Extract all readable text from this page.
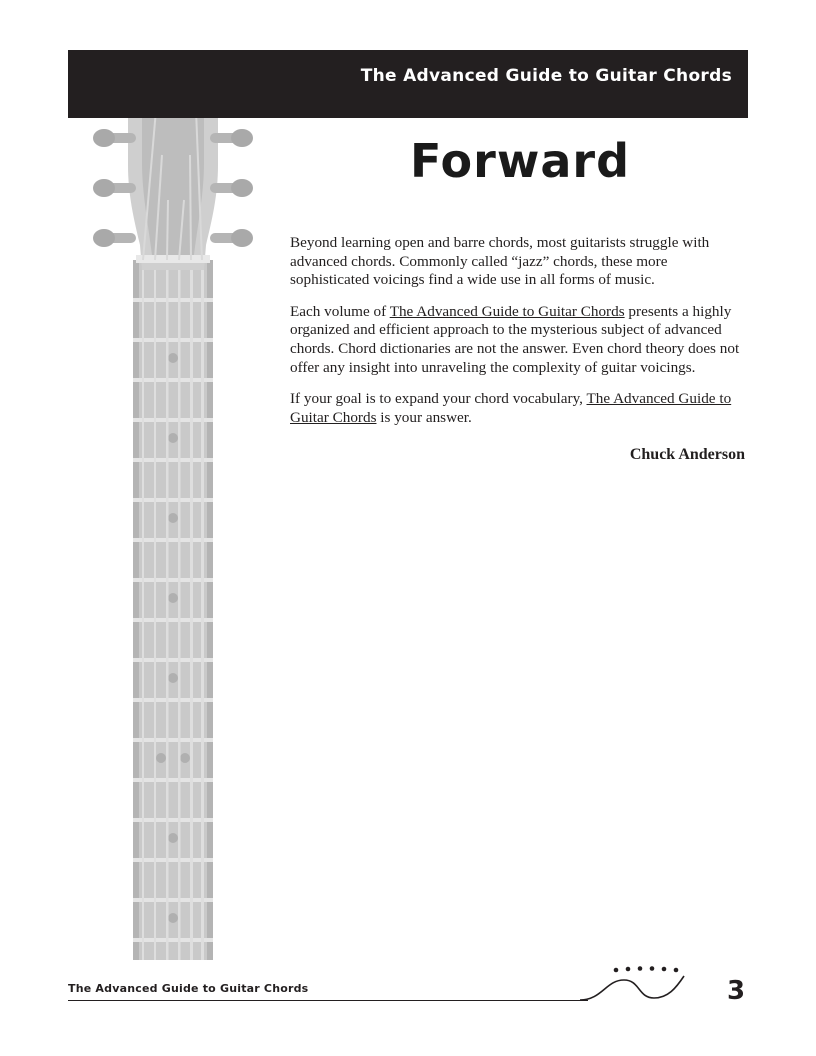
The Advanced Guide to Guitar Chords
Forward

Beyond learning open and barre chords, most guitarists struggle with advanced chords. Commonly called “jazz” chords, these more sophisticated voicings find a wide use in all forms of music.

Each volume of The Advanced Guide to Guitar Chords presents a highly organized and efficient approach to the mysterious subject of advanced chords. Chord dictionaries are not the answer. Even chord theory does not offer any insight into unraveling the complexity of guitar voicings.

If your goal is to expand your chord vocabulary, The Advanced Guide to Guitar Chords is your answer.

Chuck Anderson
The Advanced Guide to Guitar Chords	3
